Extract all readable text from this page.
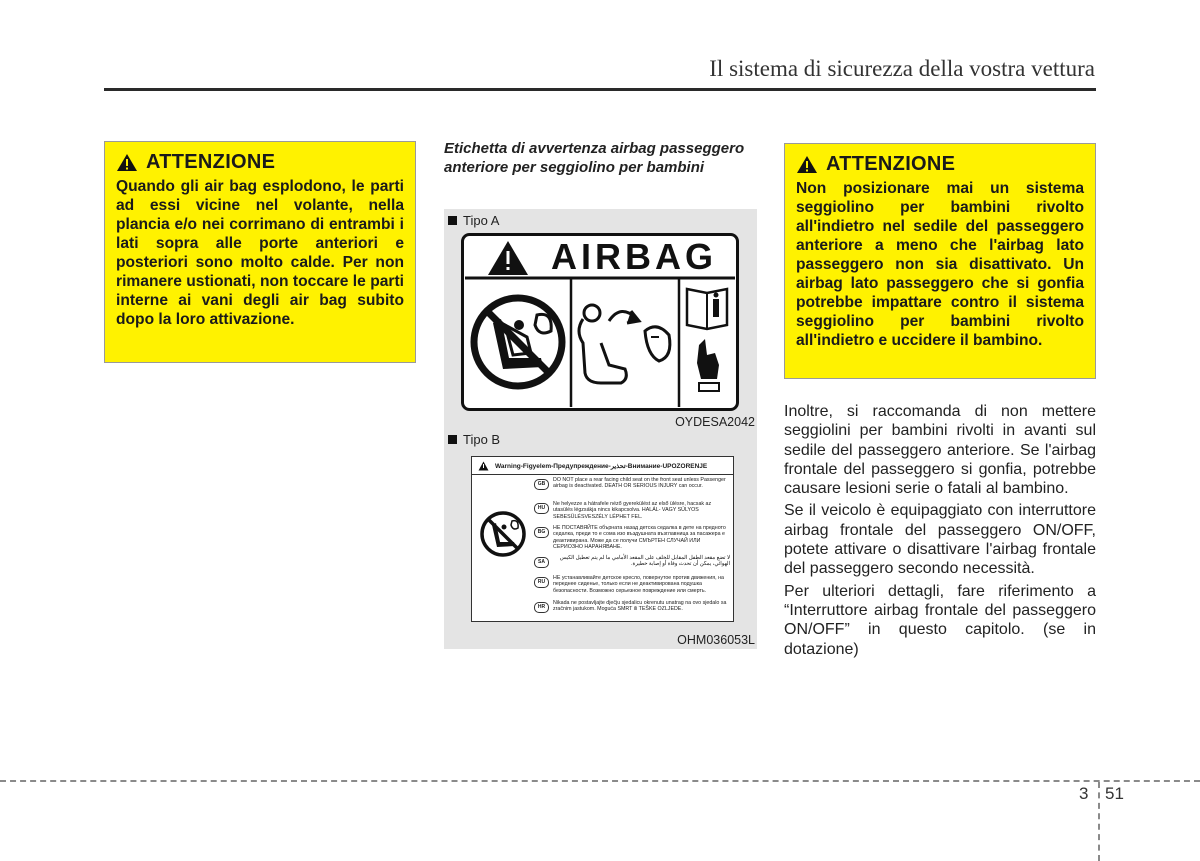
Il sistema di sicurezza della vostra vettura
ATTENZIONE
Quando gli air bag esplodono, le parti ad essi vicine nel volante, nella plancia e/o nei corrimano di entrambi i lati sopra alle porte anteriori e posteriori sono molto calde. Per non rimanere ustionati, non toccare le parti interne ai vani degli air bag subito dopo la loro attivazione.
Etichetta di avvertenza airbag passeggero anteriore per seggiolino per bambini
Tipo A
AIRBAG
OYDESA2042
Tipo B
Warning-Figyelem-Предупреждение-تحذير-Внимание-UPOZORENJE
GB
DO NOT place a rear facing child seat on the front seat unless Passenger airbag is deactivated. DEATH OR SERIOUS INJURY can occur.
HU
Ne helyezze a hátrafele néző gyerekülést az első ülésre, hacsak az utasülés légzsákja nincs kikapcsolva. HALÁL- VAGY SÚLYOS SEBESÜLÉSVESZÉLY LÉPHET FEL.
BG
НЕ ПОСТАВЯЙТЕ обърната назад детска седалка в дете на предното седалка, преди то е сома изо въздушната възглавница за пасажера е деактивирана. Може да се получи СМЪРТЕН СЛУЧАЙ ИЛИ СЕРИОЗНО НАРАНЯВАНЕ.
SA
لا تضع مقعد الطفل المقابل للخلف على المقعد الأمامي ما لم يتم تعطيل الكيس الهوائي، يمكن أن تحدث وفاة أو إصابة خطيرة.
RU
НЕ устанавливайте детское кресло, повернутое против движения, на переднее сиденье, только если не деактивирована подушка безопасности. Возможно серьезное повреждение или смерть.
HR
Nikada ne postavljajte dječju sjedalicu okrenutu unatrag na ovo sjedalo sa zračnim jastukom. Moguća SMRT ili TEŠKE OZLJEDE.
OHM036053L
ATTENZIONE
Non posizionare mai un sistema seggiolino per bambini rivolto all'indietro nel sedile del passeggero anteriore a meno che l'airbag lato passeggero non sia disattivato. Un airbag lato passeggero che si gonfia potrebbe impattare contro il sistema seggiolino per bambini rivolto all'indietro e uccidere il bambino.

Inoltre, si raccomanda di non mettere seggiolini per bambini rivolti in avanti sul sedile del passeggero anteriore. Se l'airbag frontale del passeggero si gonfia, potrebbe causare lesioni serie o fatali al bambino.

Se il veicolo è equipaggiato con interruttore airbag frontale del passeggero ON/OFF, potete attivare o disattivare l'airbag frontale del passeggero secondo necessità.

Per ulteriori dettagli, fare riferimento a “Interruttore airbag frontale del passeggero ON/OFF” in questo capitolo. (se in dotazione)

3 51
